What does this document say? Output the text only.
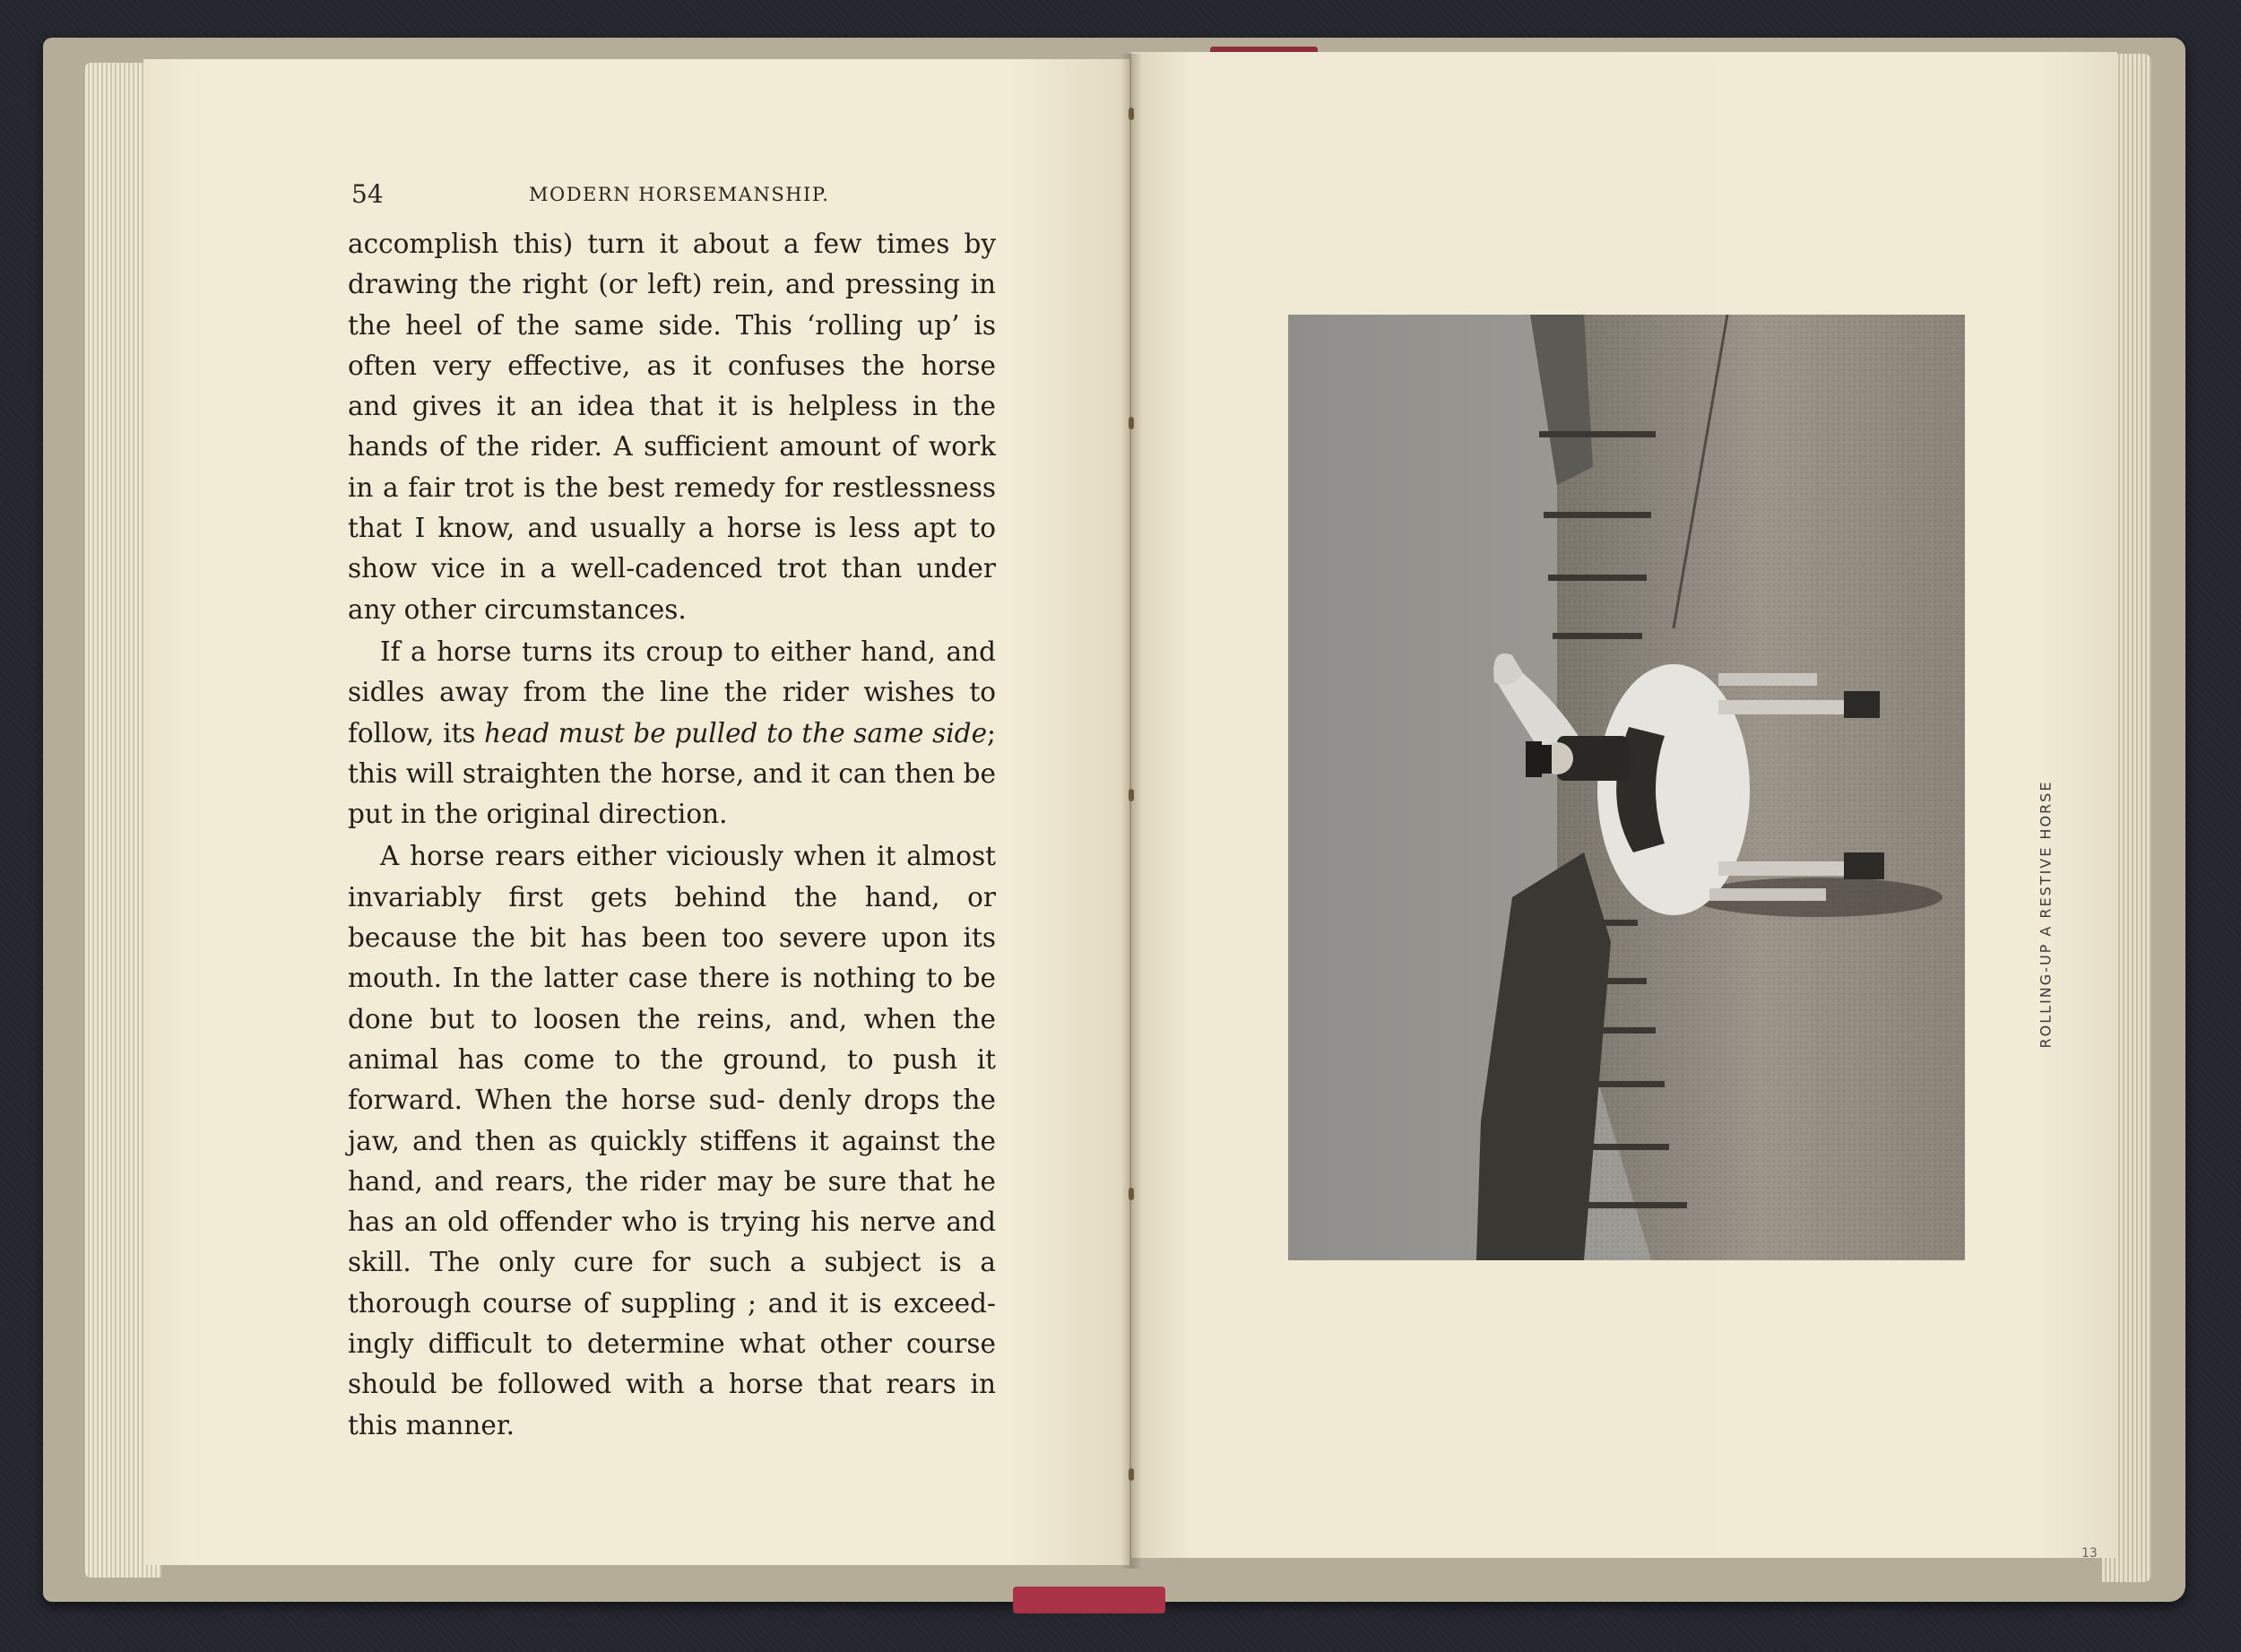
54	MODERN HORSEMANSHIP.

accomplish this) turn it about a few times by drawing the right (or left) rein, and pressing in the heel of the same side. This ‘rolling up’ is often very effective, as it confuses the horse and gives it an idea that it is helpless in the hands of the rider. A sufficient amount of work in a fair trot is the best remedy for restlessness that I know, and usually a horse is less apt to show vice in a well-cadenced trot than under any other circumstances.

If a horse turns its croup to either hand, and sidles away from the line the rider wishes to follow, its head must be pulled to the same side; this will straighten the horse, and it can then be put in the original direction.

A horse rears either viciously when it almost invariably first gets behind the hand, or because the bit has been too severe upon its mouth. In the latter case there is nothing to be done but to loosen the reins, and, when the animal has come to the ground, to push it forward. When the horse sud- denly drops the jaw, and then as quickly stiffens it against the hand, and rears, the rider may be sure that he has an old offender who is trying his nerve and skill. The only cure for such a subject is a thorough course of suppling ; and it is exceed- ingly difficult to determine what other course should be followed with a horse that rears in this manner.

ROLLING-UP A RESTIVE HORSE
13
